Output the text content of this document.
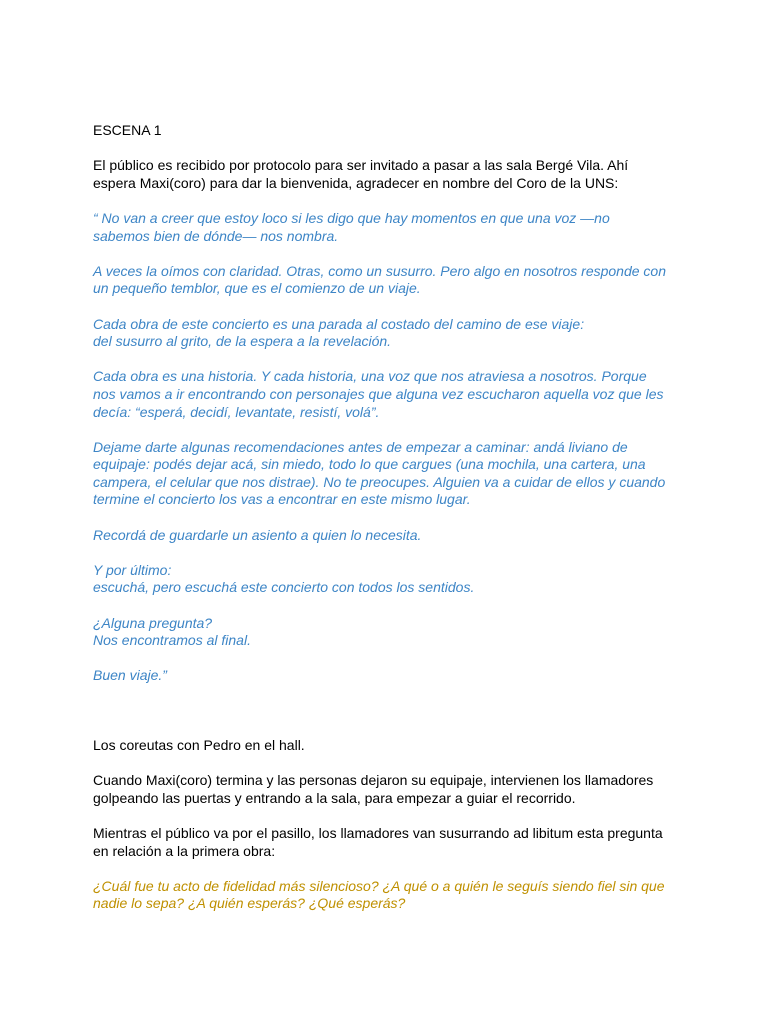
ESCENA 1

El público es recibido por protocolo para ser invitado a pasar a las sala Bergé Vila. Ahí
espera Maxi(coro) para dar la bienvenida, agradecer en nombre del Coro de la UNS:

“ No van a creer que estoy loco si les digo que hay momentos en que una voz —no
sabemos bien de dónde— nos nombra.

A veces la oímos con claridad. Otras, como un susurro. Pero algo en nosotros responde con
un pequeño temblor, que es el comienzo de un viaje.

Cada obra de este concierto es una parada al costado del camino de ese viaje:
del susurro al grito, de la espera a la revelación.

Cada obra es una historia. Y cada historia, una voz que nos atraviesa a nosotros. Porque
nos vamos a ir encontrando con personajes que alguna vez escucharon aquella voz que les
decía: “esperá, decidí, levantate, resistí, volá”.

Dejame darte algunas recomendaciones antes de empezar a caminar: andá liviano de
equipaje: podés dejar acá, sin miedo, todo lo que cargues (una mochila, una cartera, una
campera, el celular que nos distrae). No te preocupes. Alguien va a cuidar de ellos y cuando
termine el concierto los vas a encontrar en este mismo lugar.

Recordá de guardarle un asiento a quien lo necesita.

Y por último:
escuchá, pero escuchá este concierto con todos los sentidos.

¿Alguna pregunta?
Nos encontramos al final.

Buen viaje.”

Los coreutas con Pedro en el hall.

Cuando Maxi(coro) termina y las personas dejaron su equipaje, intervienen los llamadores
golpeando las puertas y entrando a la sala, para empezar a guiar el recorrido.

Mientras el público va por el pasillo, los llamadores van susurrando ad libitum esta pregunta
en relación a la primera obra:

¿Cuál fue tu acto de fidelidad más silencioso? ¿A qué o a quién le seguís siendo fiel sin que
nadie lo sepa? ¿A quién esperás? ¿Qué esperás?
